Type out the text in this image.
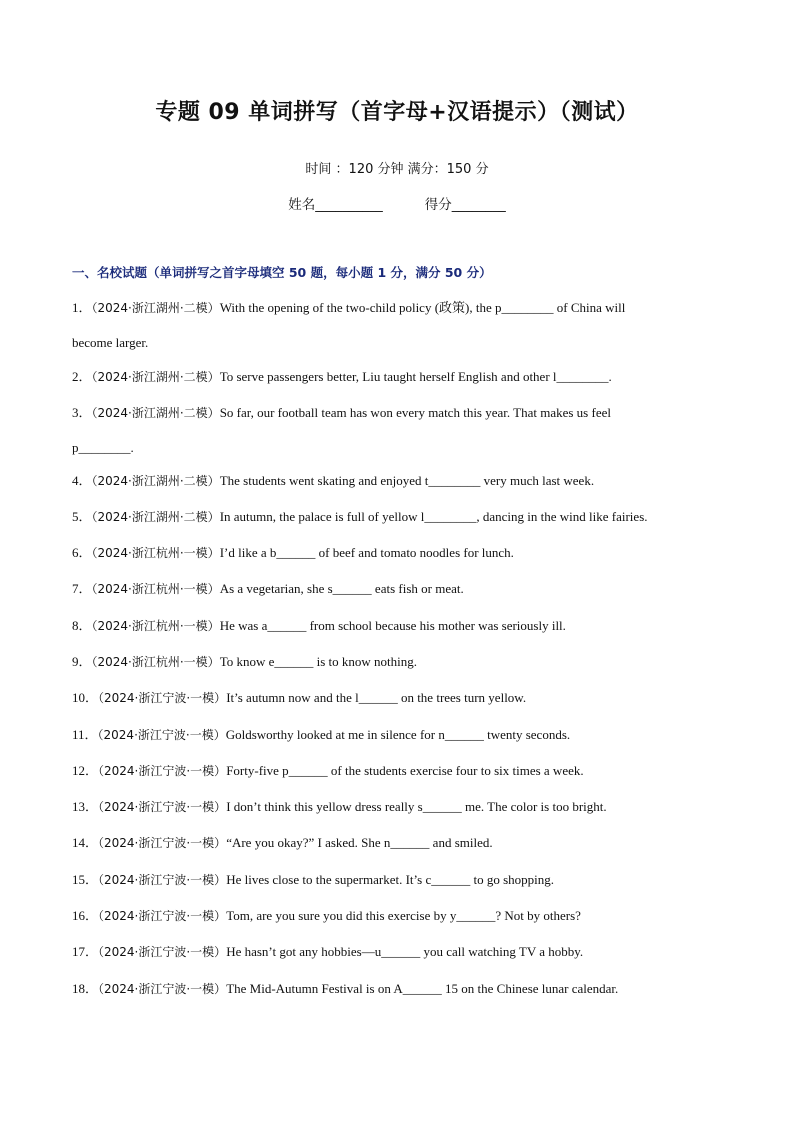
专题 09 单词拼写（首字母+汉语提示）（测试）
时间 ：120 分钟 满分：150 分
姓名__________	得分________
一、名校试题（单词拼写之首字母填空 50 题，每小题 1 分，满分 50 分）
1．（2024·浙江湖州·二模）With the opening of the two-child policy (政策), the p________ of China will
become larger.
2．（2024·浙江湖州·二模）To serve passengers better, Liu taught herself English and other l________.
3．（2024·浙江湖州·二模）So far, our football team has won every match this year. That makes us feel
p________.
4．（2024·浙江湖州·二模）The students went skating and enjoyed t________ very much last week.
5．（2024·浙江湖州·二模）In autumn, the palace is full of yellow l________, dancing in the wind like fairies.
6．（2024·浙江杭州·一模）I’d like a b______ of beef and tomato noodles for lunch.
7．（2024·浙江杭州·一模）As a vegetarian, she s______ eats fish or meat.
8．（2024·浙江杭州·一模）He was a______ from school because his mother was seriously ill.
9．（2024·浙江杭州·一模）To know e______ is to know nothing.
10．（2024·浙江宁波·一模）It’s autumn now and the l______ on the trees turn yellow.
11．（2024·浙江宁波·一模）Goldsworthy looked at me in silence for n______ twenty seconds.
12．（2024·浙江宁波·一模）Forty-five p______ of the students exercise four to six times a week.
13．（2024·浙江宁波·一模）I don’t think this yellow dress really s______ me. The color is too bright.
14．（2024·浙江宁波·一模）“Are you okay?” I asked. She n______ and smiled.
15．（2024·浙江宁波·一模）He lives close to the supermarket. It’s c______ to go shopping.
16．（2024·浙江宁波·一模）Tom, are you sure you did this exercise by y______? Not by others?
17．（2024·浙江宁波·一模）He hasn’t got any hobbies—u______ you call watching TV a hobby.
18．（2024·浙江宁波·一模）The Mid-Autumn Festival is on A______ 15 on the Chinese lunar calendar.
